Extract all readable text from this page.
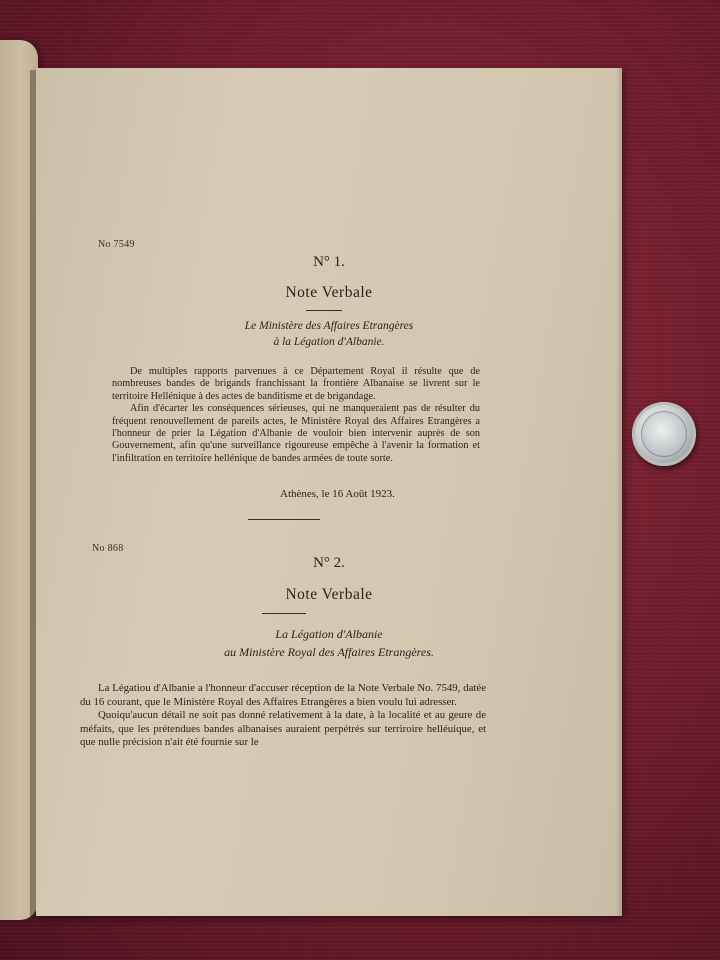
No 7549
N° 1.
Note Verbale
Le Ministère des Affaires Etrangères
à la Légation d'Albanie.

De multiples rapports parvenues à ce Département Royal il résulte que de nombreuses bandes de brigands franchissant la frontière Albanaise se livrent sur le territoire Hellénique à des actes de banditisme et de brigandage.

Afin d'écarter les conséquences sérieuses, qui ne manqueraient pas de résulter du fréquent renouvellement de pareils actes, le Ministère Royal des Affaires Etrangères a l'honneur de prier la Légation d'Albanie de vouloir bien intervenir auprès de son Gouvernement, afin qu'une surveillance rigoureuse empêche à l'avenir la formation et l'infiltration en territoire hellénique de bandes armées de toute sorte.

Athènes, le 16 Août 1923.
No 868
N° 2.
Note Verbale
La Légation d'Albanie
au Ministère Royal des Affaires Etrangères.

La Légatiou d'Albanie a l'honneur d'accuser réception de la Note Verbale No. 7549, datée du 16 courant, que le Ministère Royal des Affaires Etrangères a bien voulu lui adresser.

Quoiqu'aucun détail ne soit pas donné relativement à la date, à la localité et au geure de méfaits, que les prétendues bandes albanaises auraient perpétrés sur terriroire helléuique, et que nulle précision n'ait été fournie sur le
